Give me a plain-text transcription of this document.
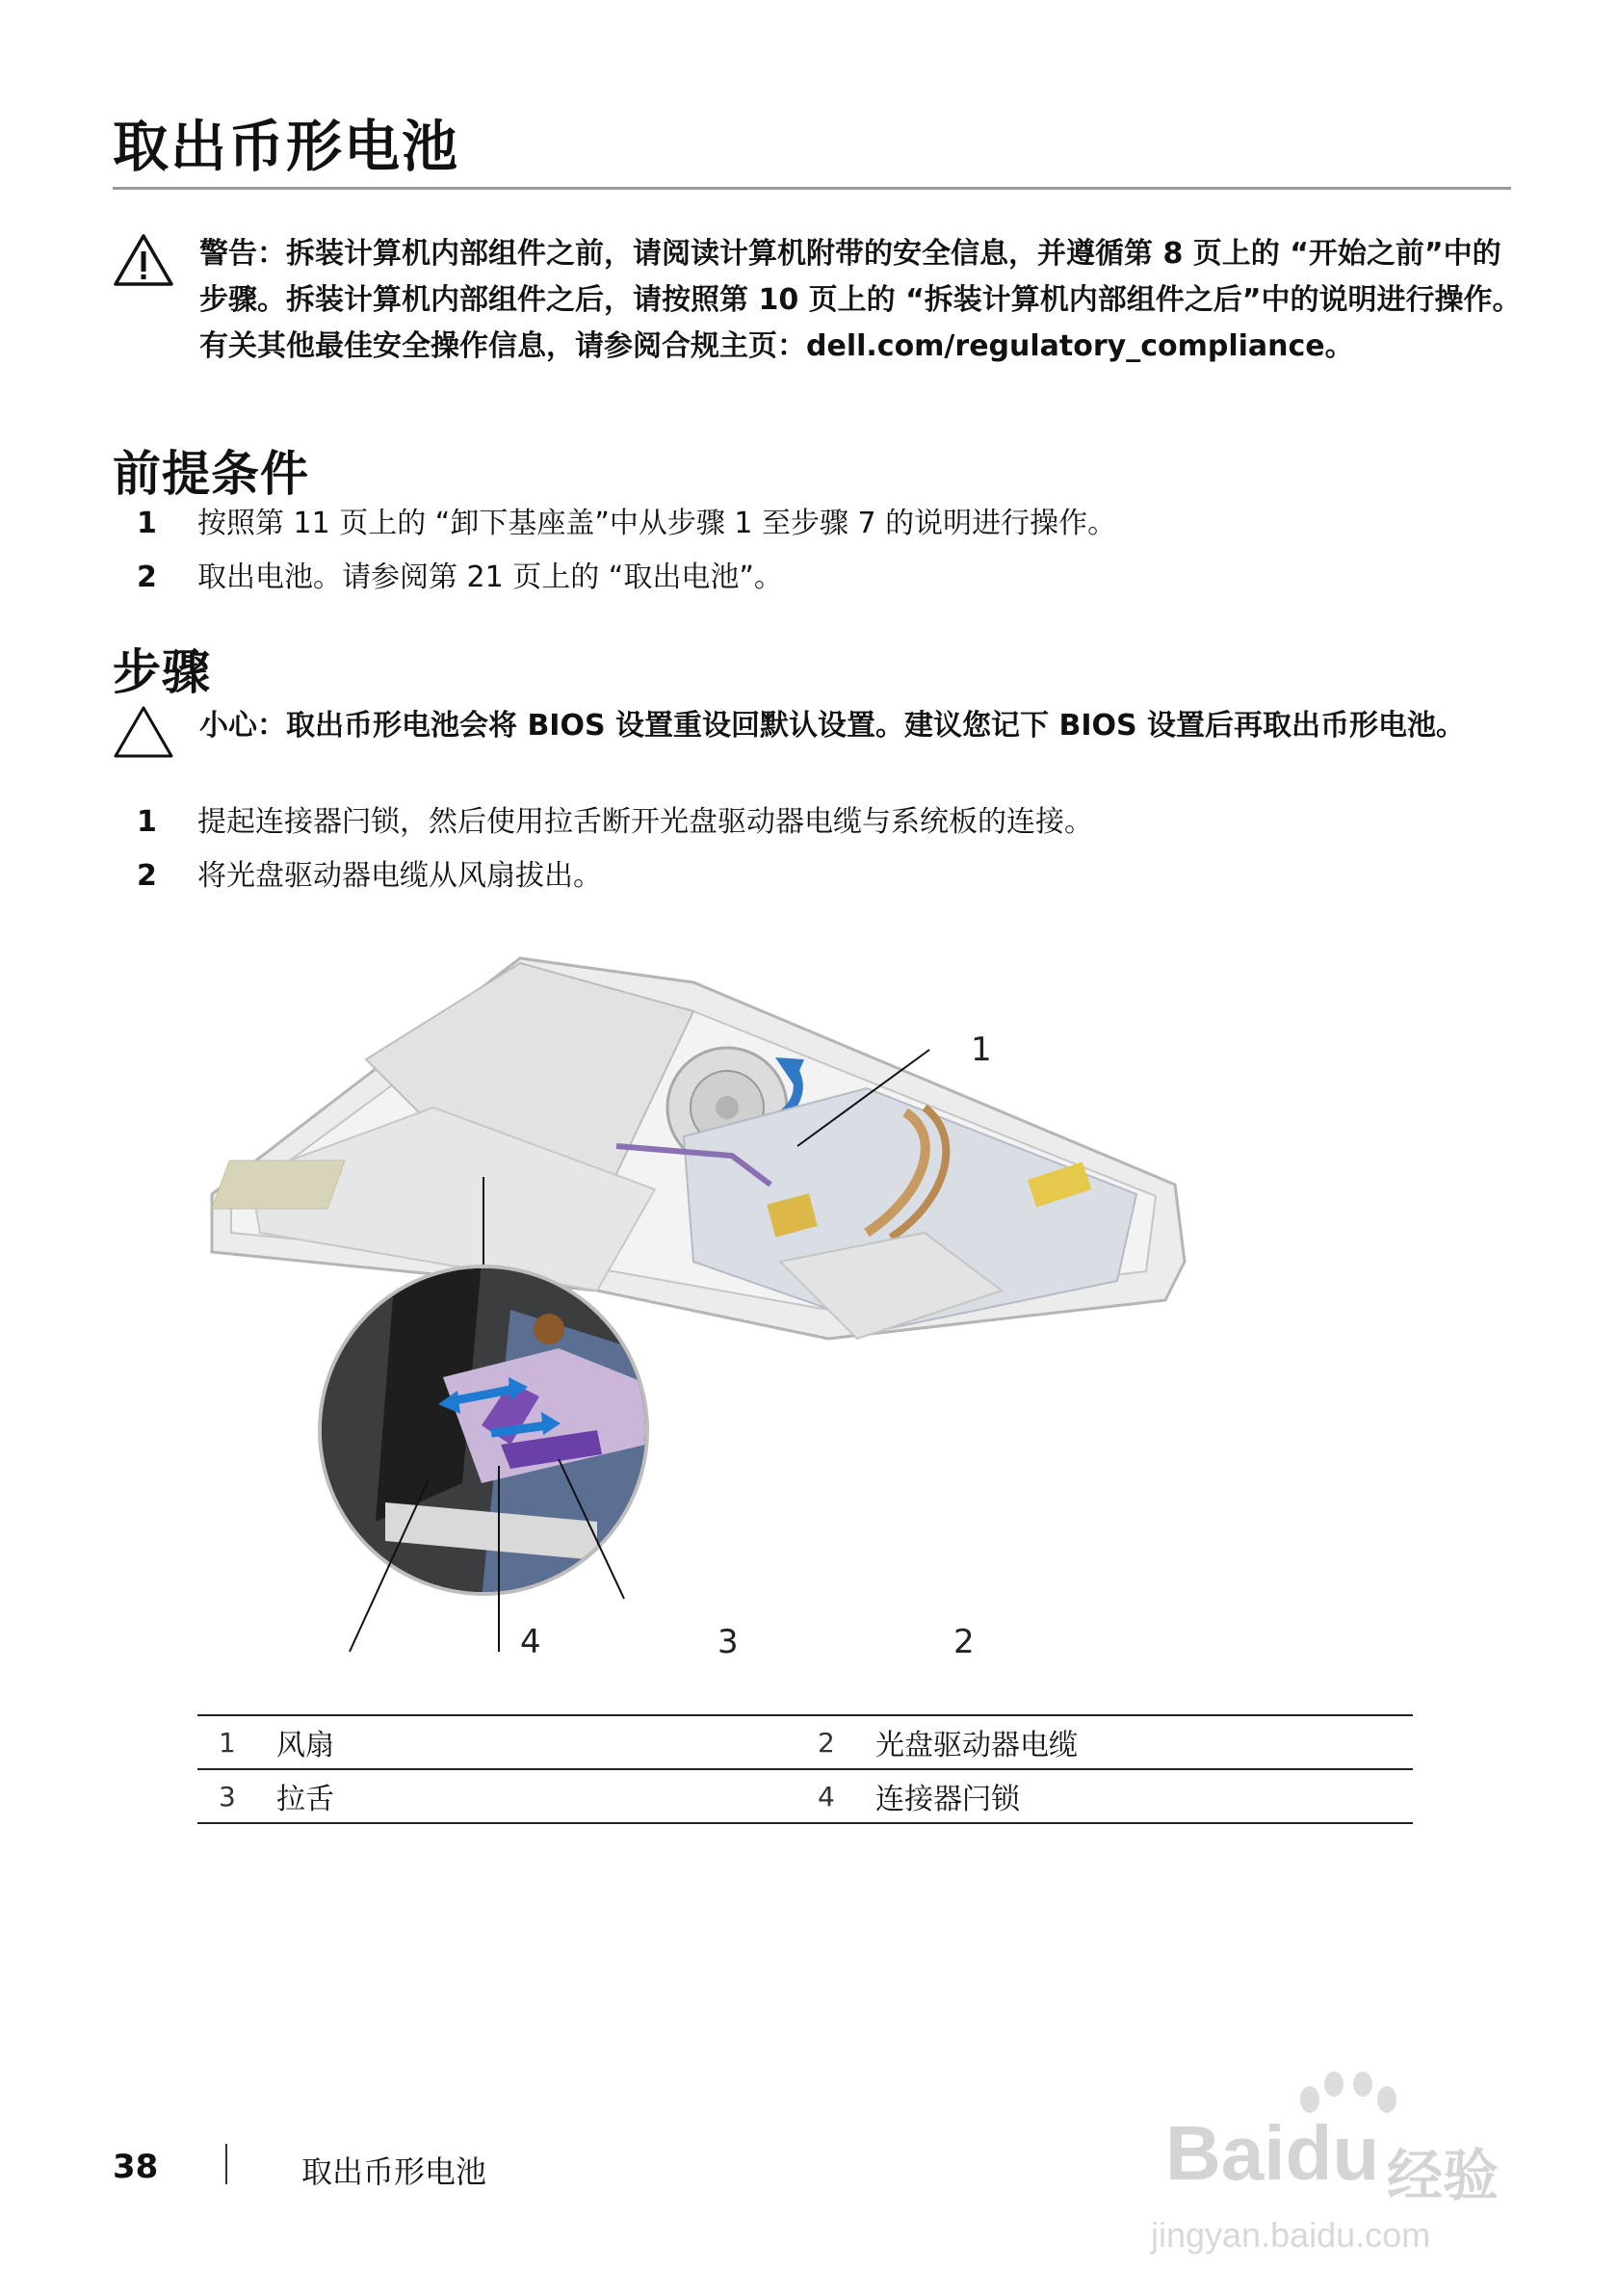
取出币形电池
警告：拆装计算机内部组件之前，请阅读计算机附带的安全信息，并遵循第 8 页上的 “开始之前”中的步骤。拆装计算机内部组件之后，请按照第 10 页上的 “拆装计算机内部组件之后”中的说明进行操作。有关其他最佳安全操作信息，请参阅合规主页：dell.com/regulatory_compliance。
前提条件
1 按照第 11 页上的 “卸下基座盖”中从步骤 1 至步骤 7 的说明进行操作。
2 取出电池。请参阅第 21 页上的 “取出电池”。
步骤
小心：取出币形电池会将 BIOS 设置重设回默认设置。建议您记下 BIOS 设置后再取出币形电池。
1 提起连接器闩锁，然后使用拉舌断开光盘驱动器电缆与系统板的连接。
2 将光盘驱动器电缆从风扇拔出。
1
2
3
4
1	风扇	2	光盘驱动器电缆
3	拉舌	4	连接器闩锁
38	取出币形电池	Baidu 经验
jingyan.baidu.com
